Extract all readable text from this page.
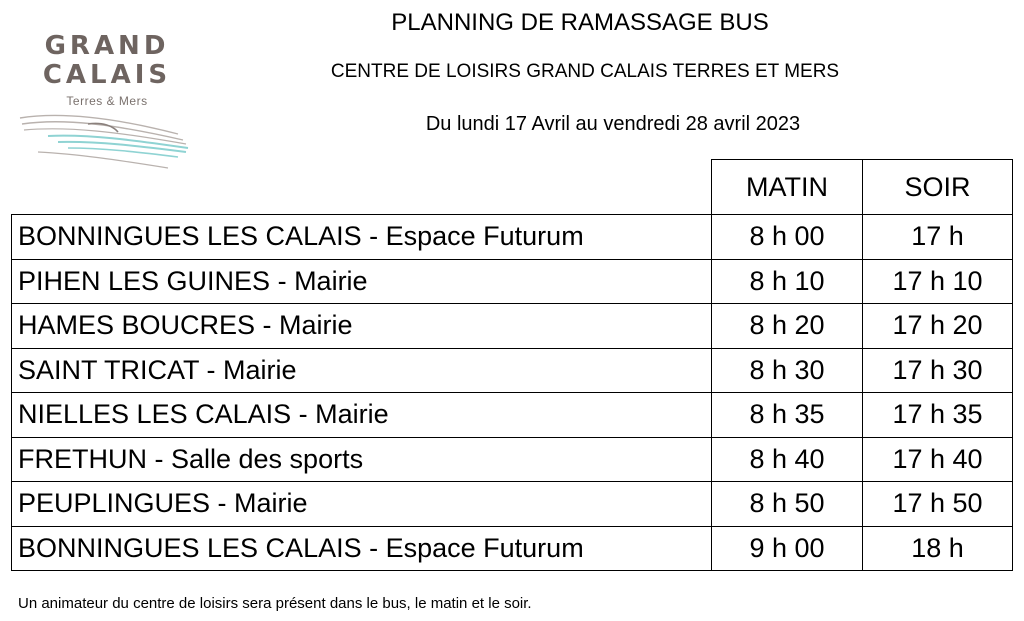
GRAND
CALAIS
Terres & Mers
PLANNING DE RAMASSAGE BUS
CENTRE DE LOISIRS GRAND CALAIS TERRES ET MERS
Du lundi 17 Avril au vendredi 28 avril 2023
	MATIN	SOIR
BONNINGUES LES CALAIS - Espace Futurum	8 h 00	17 h
PIHEN LES GUINES - Mairie	8 h 10	17 h 10
HAMES BOUCRES - Mairie	8 h 20	17 h 20
SAINT TRICAT - Mairie	8 h 30	17 h 30
NIELLES LES CALAIS - Mairie	8 h 35	17 h 35
FRETHUN - Salle des sports	8 h 40	17 h 40
PEUPLINGUES - Mairie	8 h 50	17 h 50
BONNINGUES LES CALAIS - Espace Futurum	9 h 00	18 h
Un animateur du centre de loisirs sera présent dans le bus, le matin et le soir.
